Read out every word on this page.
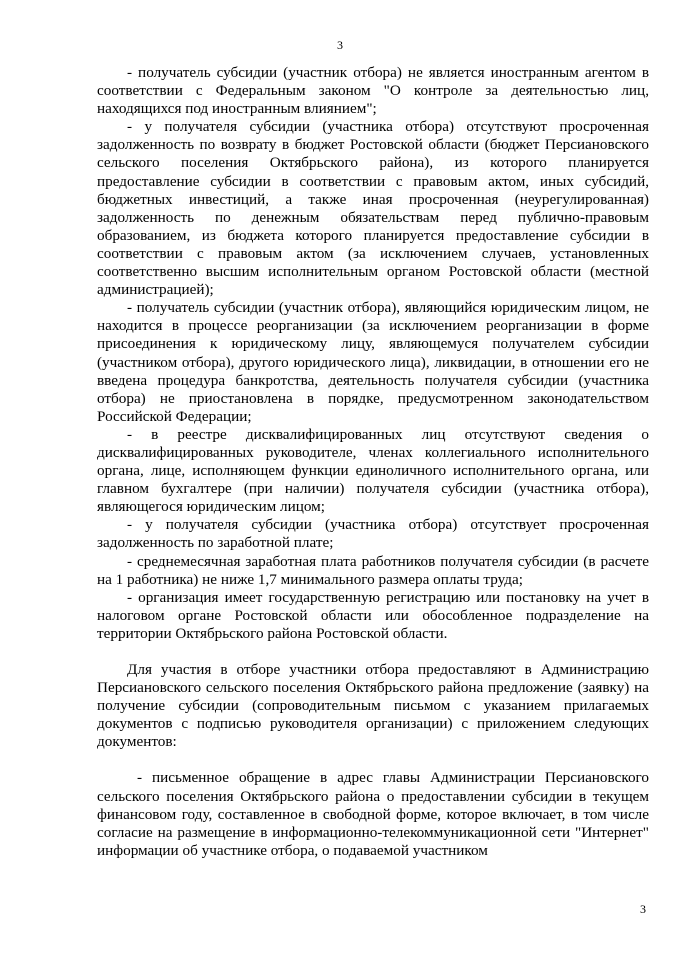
3

- получатель субсидии (участник отбора) не является иностранным агентом в соответствии с Федеральным законом "О контроле за деятельностью лиц, находящихся под иностранным влиянием";

- у получателя субсидии (участника отбора) отсутствуют просроченная задолженность по возврату в бюджет Ростовской области (бюджет Персиановского сельского поселения Октябрьского района), из которого планируется предоставление субсидии в соответствии с правовым актом, иных субсидий, бюджетных инвестиций, а также иная просроченная (неурегулированная) задолженность по денежным обязательствам перед публично-правовым образованием, из бюджета которого планируется предоставление субсидии в соответствии с правовым актом (за исключением случаев, установленных соответственно высшим исполнительным органом Ростовской области (местной администрацией);

- получатель субсидии (участник отбора), являющийся юридическим лицом, не находится в процессе реорганизации (за исключением реорганизации в форме присоединения к юридическому лицу, являющемуся получателем субсидии (участником отбора), другого юридического лица), ликвидации, в отношении его не введена процедура банкротства, деятельность получателя субсидии (участника отбора) не приостановлена в порядке, предусмотренном законодательством Российской Федерации;

- в реестре дисквалифицированных лиц отсутствуют сведения о дисквалифицированных руководителе, членах коллегиального исполнительного органа, лице, исполняющем функции единоличного исполнительного органа, или главном бухгалтере (при наличии) получателя субсидии (участника отбора), являющегося юридическим лицом;

- у получателя субсидии (участника отбора) отсутствует просроченная задолженность по заработной плате;

- среднемесячная заработная плата работников получателя субсидии (в расчете на 1 работника) не ниже 1,7 минимального размера оплаты труда;

- организация имеет государственную регистрацию или постановку на учет в налоговом органе Ростовской области или обособленное подразделение на территории Октябрьского района Ростовской области.

Для участия в отборе участники отбора предоставляют в Администрацию Персиановского сельского поселения Октябрьского района предложение (заявку) на получение субсидии (сопроводительным письмом с указанием прилагаемых документов с подписью руководителя организации) с приложением следующих документов:

- письменное обращение в адрес главы Администрации Персиановского сельского поселения Октябрьского района о предоставлении субсидии в текущем финансовом году, составленное в свободной форме, которое включает, в том числе согласие на размещение в информационно-телекоммуникационной сети "Интернет" информации об участнике отбора, о подаваемой участником

3
